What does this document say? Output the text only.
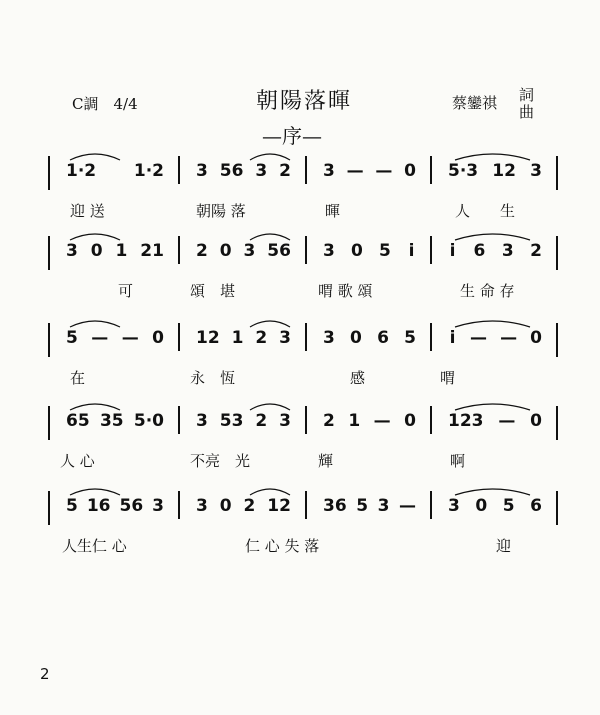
C調　4/4	朝陽落暉
—序—
蔡鑾祺 詞
曲
1·2 1·2 3 56 3 2 3 — — 0 5·3 12 3
迎 送	朝陽 落	暉	人　　生
3 0 1 21 2 0 3 56 3 0 5 i i 6 3 2
可	頌　堪	喟 歌 頌	生 命 存
5 — — 0 12 1 2 3 3 0 6 5 i — — 0
在	永　恆	感	喟
65 35 5·0 3 53 2 3 2 1 — 0 123 — 0
人 心	不亮　光	輝	啊
5 16 56 3 3 0 2 12 36 5 3 — 3 0 5 6
人生仁 心	仁 心 失 落	迎
2
